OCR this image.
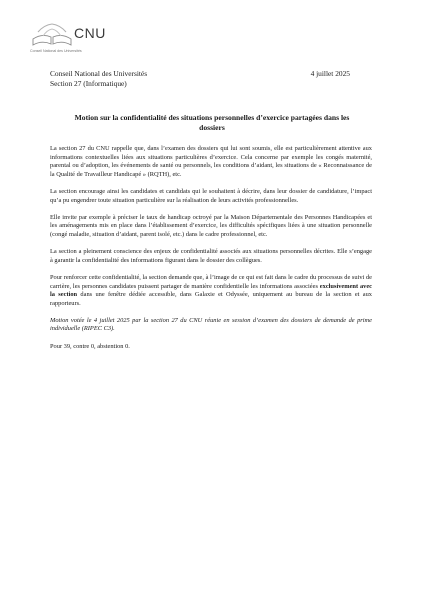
CNU
Conseil National des Universités
Conseil National des Universités
Section 27 (Informatique)
4 juillet 2025
Motion sur la confidentialité des situations personnelles d’exercice partagées dans les dossiers

La section 27 du CNU rappelle que, dans l’examen des dossiers qui lui sont soumis, elle est particulièrement attentive aux informations contextuelles liées aux situations particulières d’exercice. Cela concerne par exemple les congés maternité, parental ou d’adoption, les événements de santé ou personnels, les conditions d’aidant, les situations de « Reconnaissance de la Qualité de Travailleur Handicapé » (RQTH), etc.

La section encourage ainsi les candidates et candidats qui le souhaitent à décrire, dans leur dossier de candidature, l’impact qu’a pu engendrer toute situation particulière sur la réalisation de leurs activités professionnelles.

Elle invite par exemple à préciser le taux de handicap octroyé par la Maison Départementale des Personnes Handicapées et les aménagements mis en place dans l’établissement d’exercice, les difficultés spécifiques liées à une situation personnelle (congé maladie, situation d’aidant, parent isolé, etc.) dans le cadre professionnel, etc.

La section a pleinement conscience des enjeux de confidentialité associés aux situations personnelles décrites. Elle s’engage à garantir la confidentialité des informations figurant dans le dossier des collègues.

Pour renforcer cette confidentialité, la section demande que, à l’image de ce qui est fait dans le cadre du processus de suivi de carrière, les personnes candidates puissent partager de manière confidentielle les informations associées exclusivement avec la section dans une fenêtre dédiée accessible, dans Galaxie et Odyssée, uniquement au bureau de la section et aux rapporteurs.

Motion votée le 4 juillet 2025 par la section 27 du CNU réunie en session d’examen des dossiers de demande de prime individuelle (RIPEC C3).

Pour 39, contre 0, abstention 0.
